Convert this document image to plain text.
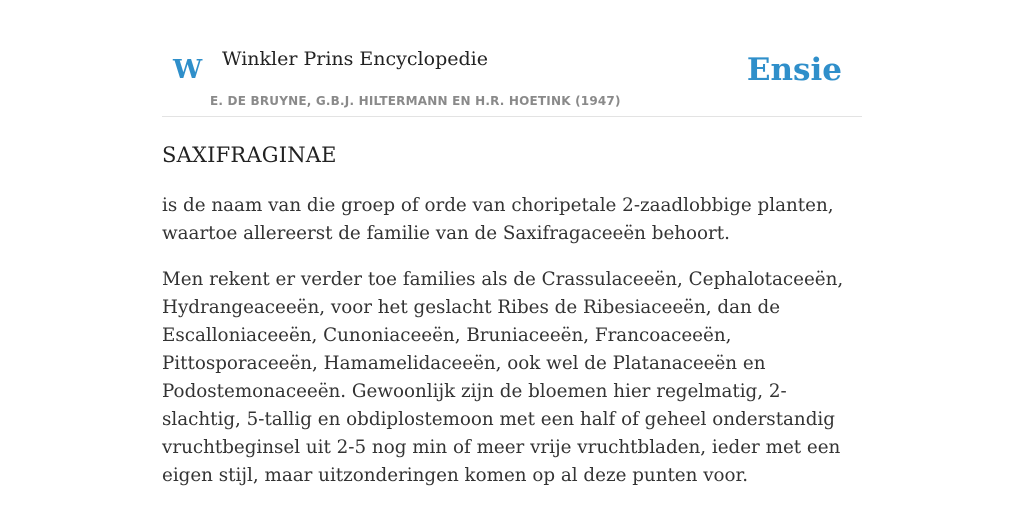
W Winkler Prins Encyclopedie
E. DE BRUYNE, G.B.J. HILTERMANN EN H.R. HOETINK (1947)
Ensie
SAXIFRAGINAE

is de naam van die groep of orde van choripetale 2-zaadlobbige planten, waartoe allereerst de familie van de Saxifragaceeën behoort.

Men rekent er verder toe families als de Crassulaceeën, Cephalotaceeën, Hydrangeaceeën, voor het geslacht Ribes de Ribesiaceeën, dan de Escalloniaceeën, Cunoniaceeën, Bruniaceeën, Francoaceeën, Pittosporaceeën, Hamamelidaceeën, ook wel de Platanaceeën en Podostemonaceeën. Gewoonlijk zijn de bloemen hier regelmatig, 2-slachtig, 5-tallig en obdiplostemoon met een half of geheel onderstandig vruchtbeginsel uit 2-5 nog min of meer vrije vruchtbladen, ieder met een eigen stijl, maar uitzonderingen komen op al deze punten voor.
